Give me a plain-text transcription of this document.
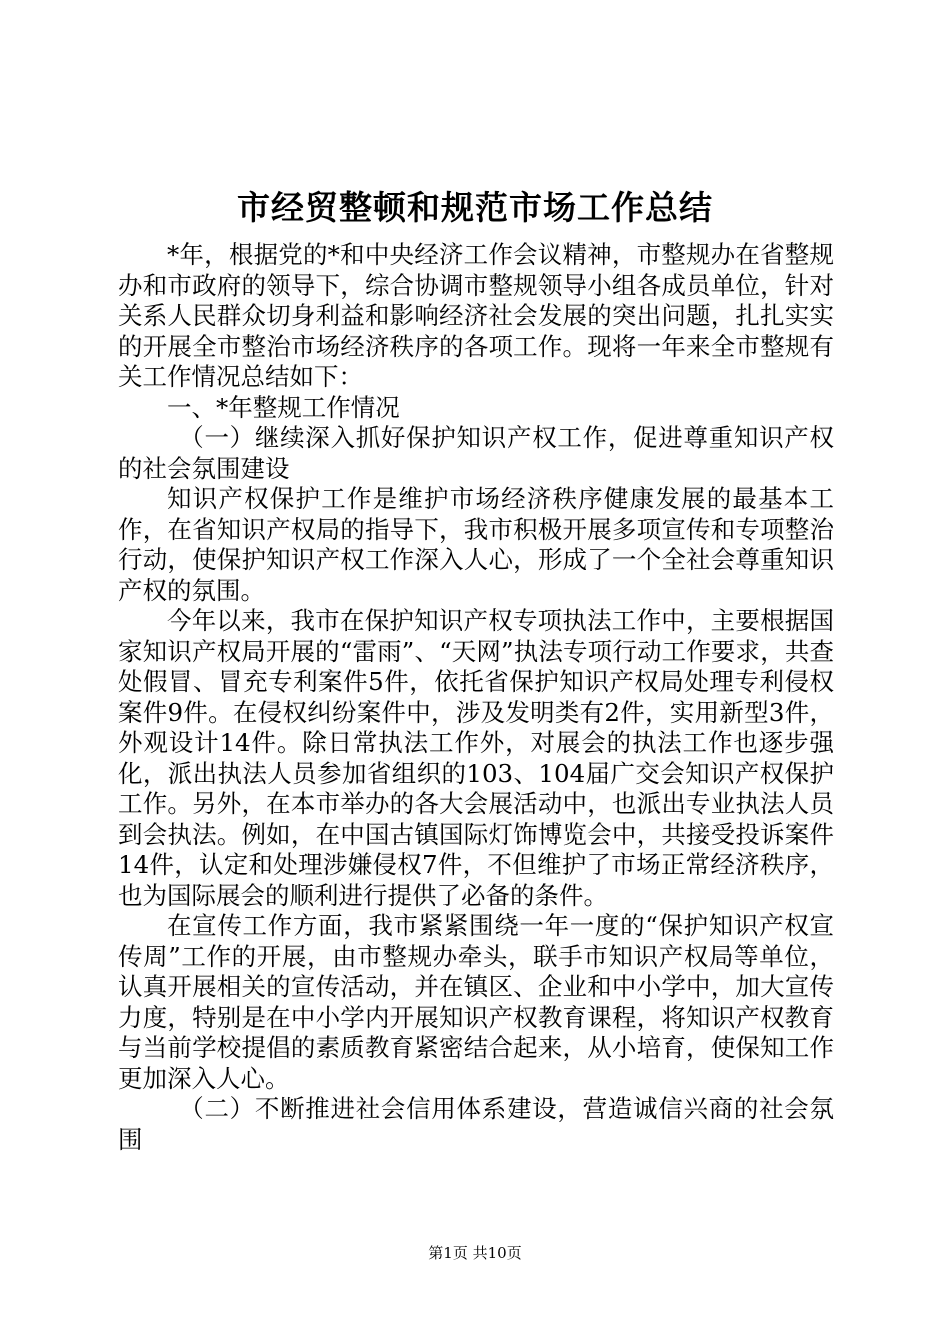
市经贸整顿和规范市场工作总结

*年，根据党的*和中央经济工作会议精神，市整规办在省整规办和市政府的领导下，综合协调市整规领导小组各成员单位，针对关系人民群众切身利益和影响经济社会发展的突出问题，扎扎实实的开展全市整治市场经济秩序的各项工作。现将一年来全市整规有关工作情况总结如下：

一、*年整规工作情况

（一）继续深入抓好保护知识产权工作，促进尊重知识产权的社会氛围建设

知识产权保护工作是维护市场经济秩序健康发展的最基本工作，在省知识产权局的指导下，我市积极开展多项宣传和专项整治行动，使保护知识产权工作深入人心，形成了一个全社会尊重知识产权的氛围。

今年以来，我市在保护知识产权专项执法工作中，主要根据国家知识产权局开展的“雷雨”、“天网”执法专项行动工作要求，共查处假冒、冒充专利案件5件，依托省保护知识产权局处理专利侵权案件9件。在侵权纠纷案件中，涉及发明类有2件，实用新型3件，外观设计14件。除日常执法工作外，对展会的执法工作也逐步强化，派出执法人员参加省组织的103、104届广交会知识产权保护工作。另外，在本市举办的各大会展活动中，也派出专业执法人员到会执法。例如，在中国古镇国际灯饰博览会中，共接受投诉案件14件，认定和处理涉嫌侵权7件，不但维护了市场正常经济秩序，也为国际展会的顺利进行提供了必备的条件。

在宣传工作方面，我市紧紧围绕一年一度的“保护知识产权宣传周”工作的开展，由市整规办牵头，联手市知识产权局等单位，认真开展相关的宣传活动，并在镇区、企业和中小学中，加大宣传力度，特别是在中小学内开展知识产权教育课程，将知识产权教育与当前学校提倡的素质教育紧密结合起来，从小培育，使保知工作更加深入人心。

（二）不断推进社会信用体系建设，营造诚信兴商的社会氛围

第1页 共10页
